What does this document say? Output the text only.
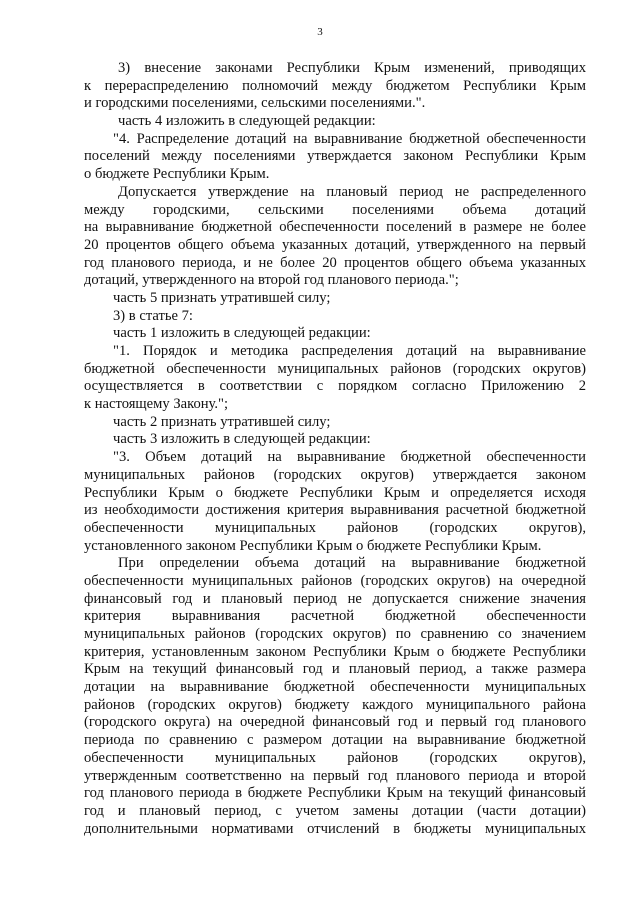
3
3) внесение законами Республики Крым изменений, приводящих
к перераспределению полномочий между бюджетом Республики Крым
и городскими поселениями, сельскими поселениями.".
часть 4 изложить в следующей редакции:
"4. Распределение дотаций на выравнивание бюджетной обеспеченности
поселений между поселениями утверждается законом Республики Крым
о бюджете Республики Крым.
Допускается утверждение на плановый период не распределенного
между городскими, сельскими поселениями объема дотаций
на выравнивание бюджетной обеспеченности поселений в размере не более
20 процентов общего объема указанных дотаций, утвержденного на первый
год планового периода, и не более 20 процентов общего объема указанных
дотаций, утвержденного на второй год планового периода.";
часть 5 признать утратившей силу;
3) в статье 7:
часть 1 изложить в следующей редакции:
"1. Порядок и методика распределения дотаций на выравнивание
бюджетной обеспеченности муниципальных районов (городских округов)
осуществляется в соответствии с порядком согласно Приложению 2
к настоящему Закону.";
часть 2 признать утратившей силу;
часть 3 изложить в следующей редакции:
"3. Объем дотаций на выравнивание бюджетной обеспеченности
муниципальных районов (городских округов) утверждается законом
Республики Крым о бюджете Республики Крым и определяется исходя
из необходимости достижения критерия выравнивания расчетной бюджетной
обеспеченности муниципальных районов (городских округов),
установленного законом Республики Крым о бюджете Республики Крым.
При определении объема дотаций на выравнивание бюджетной
обеспеченности муниципальных районов (городских округов) на очередной
финансовый год и плановый период не допускается снижение значения
критерия выравнивания расчетной бюджетной обеспеченности
муниципальных районов (городских округов) по сравнению со значением
критерия, установленным законом Республики Крым о бюджете Республики
Крым на текущий финансовый год и плановый период, а также размера
дотации на выравнивание бюджетной обеспеченности муниципальных
районов (городских округов) бюджету каждого муниципального района
(городского округа) на очередной финансовый год и первый год планового
периода по сравнению с размером дотации на выравнивание бюджетной
обеспеченности муниципальных районов (городских округов),
утвержденным соответственно на первый год планового периода и второй
год планового периода в бюджете Республики Крым на текущий финансовый
год и плановый период, с учетом замены дотации (части дотации)
дополнительными нормативами отчислений в бюджеты муниципальных
